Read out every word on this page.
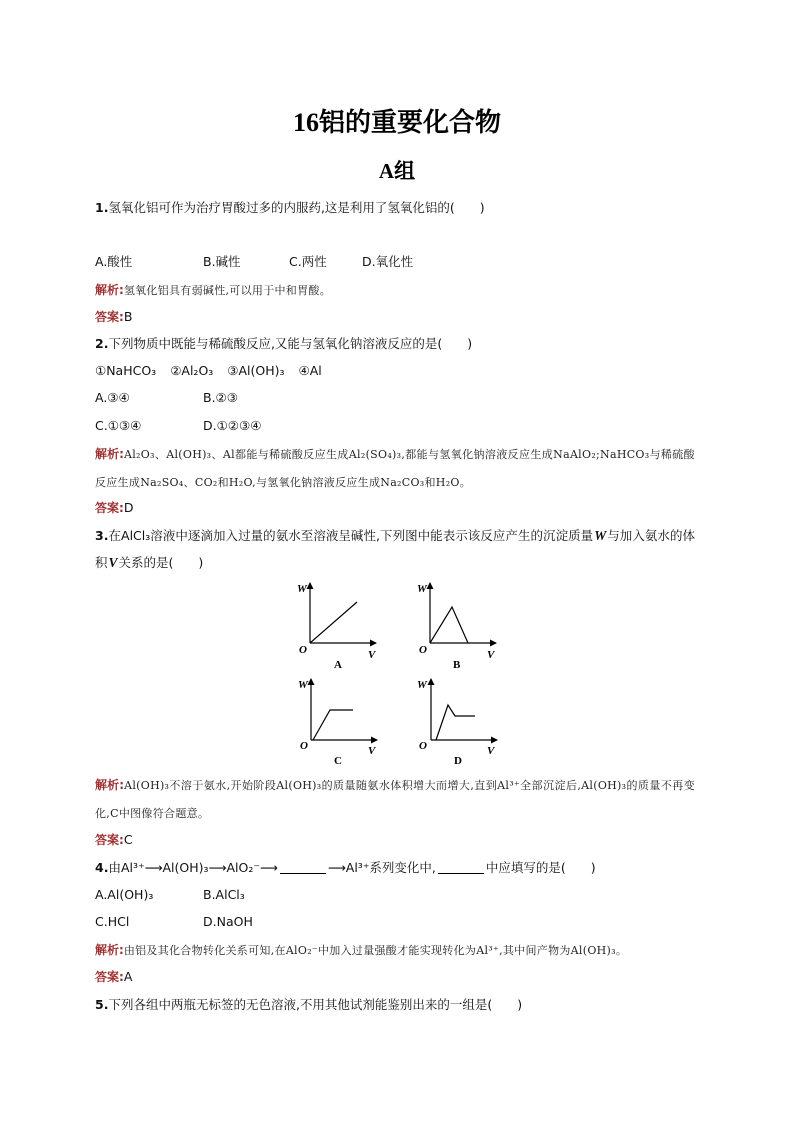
16铝的重要化合物
A组
1.氢氧化铝可作为治疗胃酸过多的内服药,这是利用了氢氧化铝的(　　)
A.酸性	B.碱性	C.两性	D.氧化性
解析:氢氧化铝具有弱碱性,可以用于中和胃酸。
答案:B
2.下列物质中既能与稀硫酸反应,又能与氢氧化钠溶液反应的是(　　)
①NaHCO₃ ②Al₂O₃ ③Al(OH)₃ ④Al
A.③④	B.②③
C.①③④	D.①②③④
解析:Al₂O₃、Al(OH)₃、Al都能与稀硫酸反应生成Al₂(SO₄)₃,都能与氢氧化钠溶液反应生成NaAlO₂;NaHCO₃与稀硫酸反应生成Na₂SO₄、CO₂和H₂O,与氢氧化钠溶液反应生成Na₂CO₃和H₂O。
答案:D
3.在AlCl₃溶液中逐滴加入过量的氨水至溶液呈碱性,下列图中能表示该反应产生的沉淀质量W与加入氨水的体积V关系的是(　　)
W
O	V
A
W
O	V
B
W
O	V
C
W
O	V
D
解析:Al(OH)₃不溶于氨水,开始阶段Al(OH)₃的质量随氨水体积增大而增大,直到Al³⁺全部沉淀后,Al(OH)₃的质量不再变化,C中图像符合题意。
答案:C
4.由Al³⁺⟶Al(OH)₃⟶AlO₂⁻⟶	⟶Al³⁺系列变化中,	中应填写的是(　　)
A.Al(OH)₃	B.AlCl₃
C.HCl	D.NaOH
解析:由铝及其化合物转化关系可知,在AlO₂⁻中加入过量强酸才能实现转化为Al³⁺,其中间产物为Al(OH)₃。
答案:A
5.下列各组中两瓶无标签的无色溶液,不用其他试剂能鉴别出来的一组是(　　)
